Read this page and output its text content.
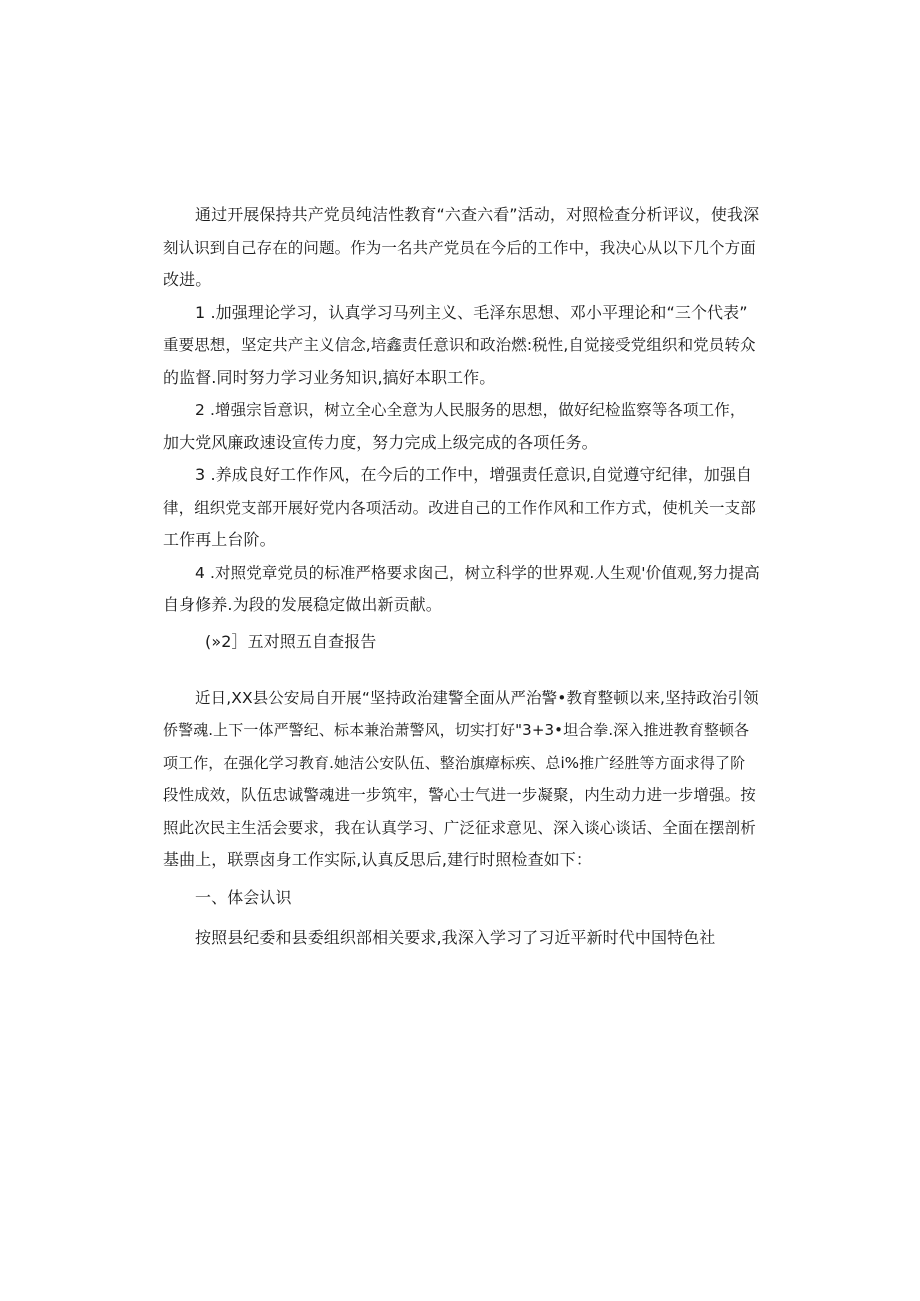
通过开展保持共产党员纯洁性教育“六查六看”活动，对照检查分析评议，使我深
刻认识到自己存在的问题。作为一名共产党员在今后的工作中，我决心从以下几个方面
改进。
1 .加强理论学习，认真学习马列主义、毛泽东思想、邓小平理论和“三个代表”
重要思想，坚定共产主义信念,培鑫责任意识和政治燃:税性,自觉接受党组织和党员转众
的监督.同时努力学习业务知识,搞好本职工作。
2 .增强宗旨意识，树立全心全意为人民服务的思想，做好纪检监察等各项工作，
加大党风廉政速设宣传力度，努力完成上级完成的各项任务。
3 .养成良好工作作风，在今后的工作中，增强责任意识,自觉遵守纪律，加强自
律，组织党支部开展好党内各项活动。改进自己的工作作风和工作方式，使机关一支部
工作再上台阶。
4 .对照党章党员的标准严格要求囱己，树立科学的世界观.人生观'价值观,努力提高
自身修养.为段的发展稳定做出新贡献。
(»2］五对照五自查报告
近日,XX县公安局自开展“坚持政治建警全面从严治警•教育整顿以来,坚持政治引领
侨警魂.上下一体严警纪、标本兼治萧警风，切实打好"3+3•坦合拳.深入推进教育整顿各
项工作，在强化学习教育.她洁公安队伍、整治旗瘴标疾、总i%推广经胜等方面求得了阶
段性成效，队伍忠诚警魂进一步筑牢，警心士气进一步凝聚，内生动力进一步增强。按
照此次民主生活会要求，我在认真学习、广泛征求意见、深入谈心谈话、全面在摆剖析
基曲上，联票卤身工作实际,认真反思后,建行时照检查如下：
一、体会认识
按照县纪委和县委组织部相关要求,我深入学习了习近平新时代中国特色社
